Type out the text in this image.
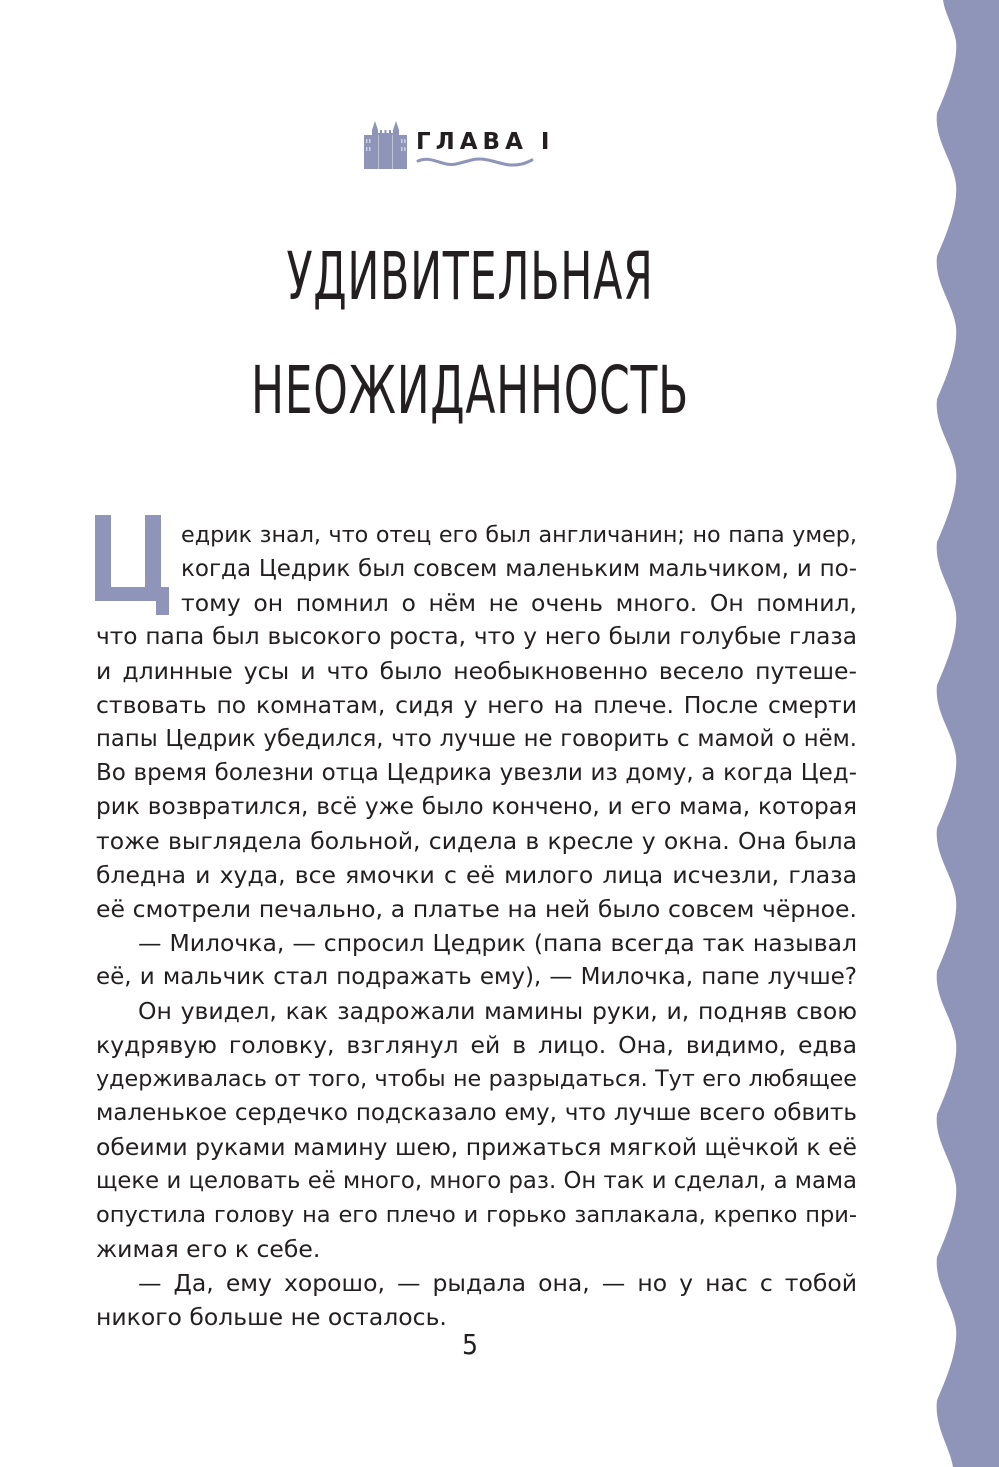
ГЛАВА I
УДИВИТЕЛЬНАЯ
НЕОЖИДАННОСТЬ
едрик знал, что отец его был англичанин; но папа умер,
когда Цедрик был совсем маленьким мальчиком, и по-
тому он помнил о нём не очень много. Он помнил,
что папа был высокого роста, что у него были голубые глаза
и длинные усы и что было необыкновенно весело путеше-
ствовать по комнатам, сидя у него на плече. После смерти
папы Цедрик убедился, что лучше не говорить с мамой о нём.
Во время болезни отца Цедрика увезли из дому, а когда Цед-
рик возвратился, всё уже было кончено, и его мама, которая
тоже выглядела больной, сидела в кресле у окна. Она была
бледна и худа, все ямочки с её милого лица исчезли, глаза
её смотрели печально, а платье на ней было совсем чёрное.
— Милочка, — спросил Цедрик (папа всегда так называл
её, и мальчик стал подражать ему), — Милочка, папе лучше?
Он увидел, как задрожали мамины руки, и, подняв свою
кудрявую головку, взглянул ей в лицо. Она, видимо, едва
удерживалась от того, чтобы не разрыдаться. Тут его любящее
маленькое сердечко подсказало ему, что лучше всего обвить
обеими руками мамину шею, прижаться мягкой щёчкой к её
щеке и целовать её много, много раз. Он так и сделал, а мама
опустила голову на его плечо и горько заплакала, крепко при-
жимая его к себе.
— Да, ему хорошо, — рыдала она, — но у нас с тобой
никого больше не осталось.
5
